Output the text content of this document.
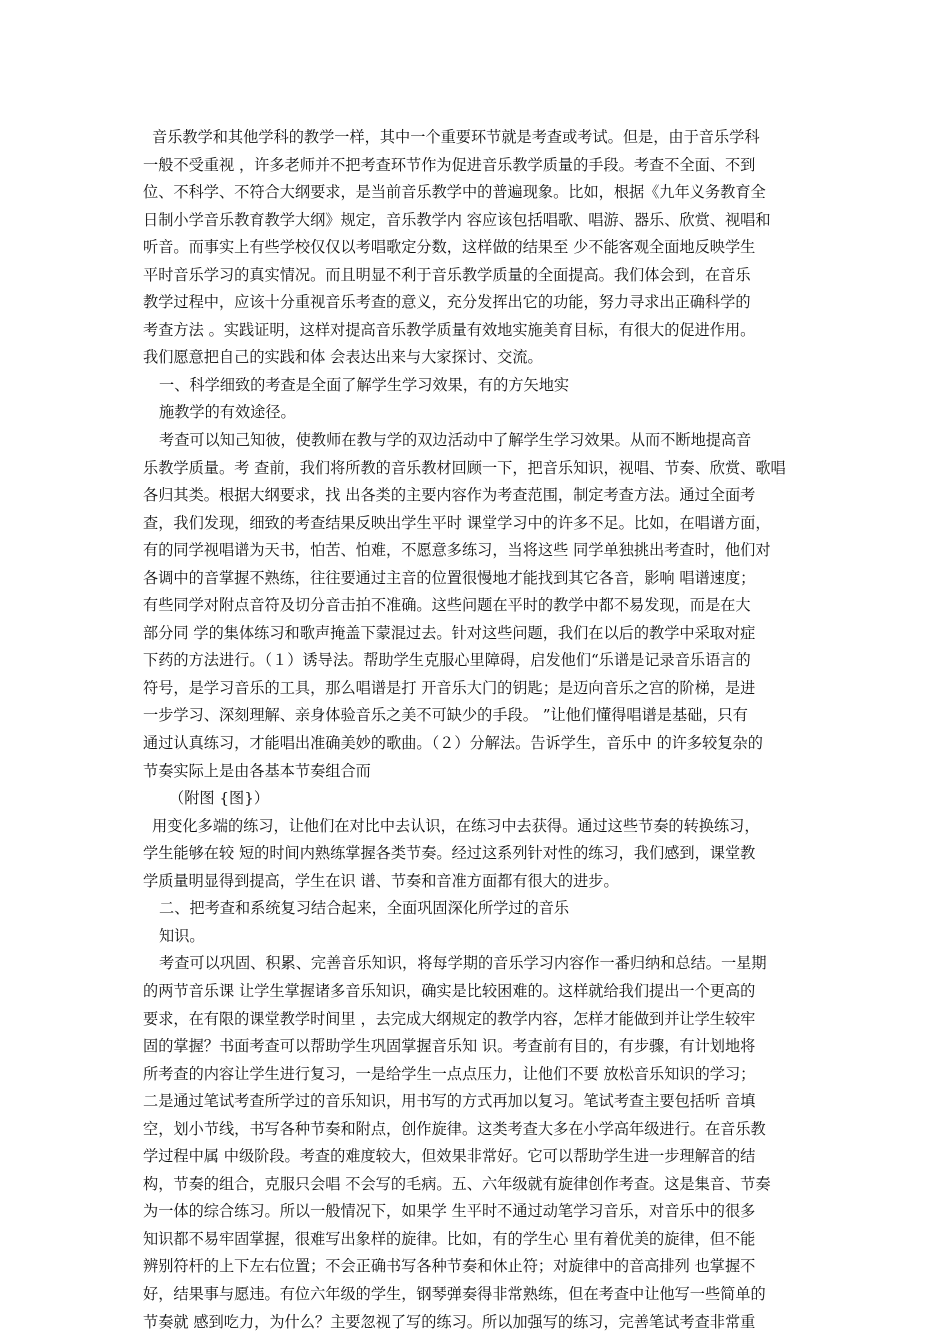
音乐教学和其他学科的教学一样，其中一个重要环节就是考查或考试。但是，由于音乐学科
一般不受重视 ，许多老师并不把考查环节作为促进音乐教学质量的手段。考查不全面、不到
位、不科学、不符合大纲要求，是当前音乐教学中的普遍现象。比如，根据《九年义务教育全
日制小学音乐教育教学大纲》规定，音乐教学内 容应该包括唱歌、唱游、器乐、欣赏、视唱和
听音。而事实上有些学校仅仅以考唱歌定分数，这样做的结果至 少不能客观全面地反映学生
平时音乐学习的真实情况。而且明显不利于音乐教学质量的全面提高。我们体会到，在音乐
教学过程中，应该十分重视音乐考查的意义，充分发挥出它的功能，努力寻求出正确科学的
考查方法 。实践证明，这样对提高音乐教学质量有效地实施美育目标，有很大的促进作用。
我们愿意把自己的实践和体 会表达出来与大家探讨、交流。
一、科学细致的考查是全面了解学生学习效果，有的方矢地实
施教学的有效途径。
考查可以知己知彼，使教师在教与学的双边活动中了解学生学习效果。从而不断地提高音
乐教学质量。考 查前，我们将所教的音乐教材回顾一下，把音乐知识，视唱、节奏、欣赏、歌唱
各归其类。根据大纲要求，找 出各类的主要内容作为考查范围，制定考查方法。通过全面考
查，我们发现，细致的考查结果反映出学生平时 课堂学习中的许多不足。比如，在唱谱方面，
有的同学视唱谱为天书，怕苦、怕难，不愿意多练习，当将这些 同学单独挑出考查时，他们对
各调中的音掌握不熟练，往往要通过主音的位置很慢地才能找到其它各音，影响 唱谱速度；
有些同学对附点音符及切分音击拍不准确。这些问题在平时的教学中都不易发现，而是在大
部分同 学的集体练习和歌声掩盖下蒙混过去。针对这些问题，我们在以后的教学中采取对症
下药的方法进行。（１）诱导法。帮助学生克服心里障碍，启发他们“乐谱是记录音乐语言的
符号，是学习音乐的工具，那么唱谱是打 开音乐大门的钥匙；是迈向音乐之宫的阶梯，是进
一步学习、深刻理解、亲身体验音乐之美不可缺少的手段。 ”让他们懂得唱谱是基础，只有
通过认真练习，才能唱出准确美妙的歌曲。（２）分解法。告诉学生，音乐中 的许多较复杂的
节奏实际上是由各基本节奏组合而
（附图 {图}）
用变化多端的练习，让他们在对比中去认识，在练习中去获得。通过这些节奏的转换练习，
学生能够在较 短的时间内熟练掌握各类节奏。经过这系列针对性的练习，我们感到，课堂教
学质量明显得到提高，学生在识 谱、节奏和音准方面都有很大的进步。
二、把考查和系统复习结合起来，全面巩固深化所学过的音乐
知识。
考查可以巩固、积累、完善音乐知识，将每学期的音乐学习内容作一番归纳和总结。一星期
的两节音乐课 让学生掌握诸多音乐知识，确实是比较困难的。这样就给我们提出一个更高的
要求，在有限的课堂教学时间里 ，去完成大纲规定的教学内容，怎样才能做到并让学生较牢
固的掌握？书面考查可以帮助学生巩固掌握音乐知 识。考查前有目的，有步骤，有计划地将
所考查的内容让学生进行复习，一是给学生一点点压力，让他们不要 放松音乐知识的学习；
二是通过笔试考查所学过的音乐知识，用书写的方式再加以复习。笔试考查主要包括听 音填
空，划小节线，书写各种节奏和附点，创作旋律。这类考查大多在小学高年级进行。在音乐教
学过程中属 中级阶段。考查的难度较大，但效果非常好。它可以帮助学生进一步理解音的结
构，节奏的组合，克服只会唱 不会写的毛病。五、六年级就有旋律创作考查。这是集音、节奏
为一体的综合练习。所以一般情况下，如果学 生平时不通过动笔学习音乐，对音乐中的很多
知识都不易牢固掌握，很难写出象样的旋律。比如，有的学生心 里有着优美的旋律，但不能
辨别符杆的上下左右位置；不会正确书写各种节奏和休止符；对旋律中的音高排列 也掌握不
好，结果事与愿违。有位六年级的学生，钢琴弹奏得非常熟练，但在考查中让他写一些简单的
节奏就 感到吃力，为什么？主要忽视了写的练习。所以加强写的练习，完善笔试考查非常重
